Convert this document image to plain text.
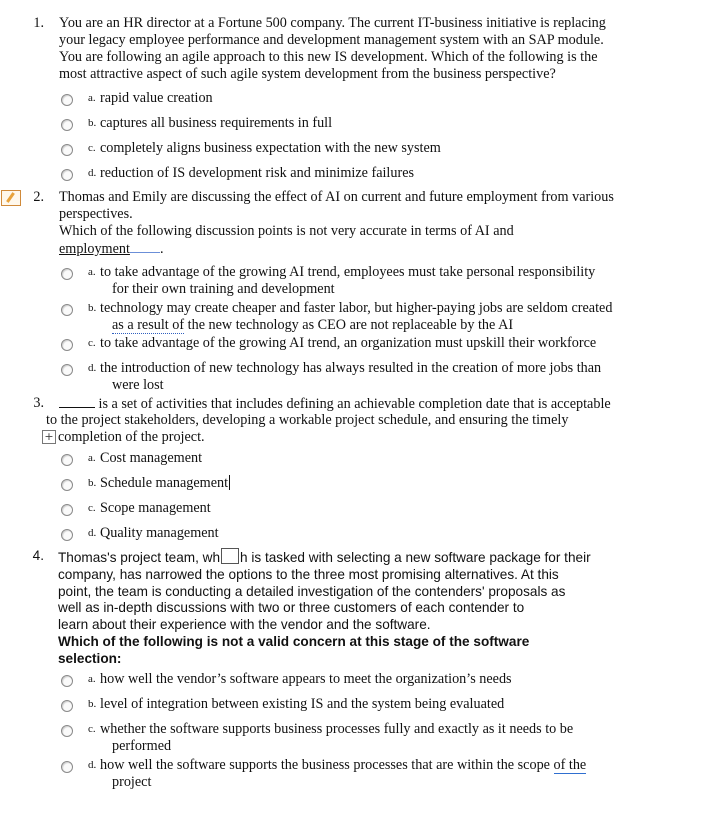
1. You are an HR director at a Fortune 500 company. The current IT-business initiative is replacing
your legacy employee performance and development management system with an SAP module.
You are following an agile approach to this new IS development. Which of the following is the
most attractive aspect of such agile system development from the business perspective?
a. rapid value creation
b. captures all business requirements in full
c. completely aligns business expectation with the new system
d. reduction of IS development risk and minimize failures
2. Thomas and Emily are discussing the effect of AI on current and future employment from various
perspectives.
Which of the following discussion points is not very accurate in terms of AI and
employment .
a. to take advantage of the growing AI trend, employees must take personal responsibility
for their own training and development
b. technology may create cheaper and faster labor, but higher-paying jobs are seldom created
as a result of the new technology as CEO are not replaceable by the AI
c. to take advantage of the growing AI trend, an organization must upskill their workforce
d. the introduction of new technology has always resulted in the creation of more jobs than
were lost
3.	is a set of activities that includes defining an achievable completion date that is acceptable
to the project stakeholders, developing a workable project schedule, and ensuring the timely
+ completion of the project.
a. Cost management
b. Schedule management
c. Scope management
d. Quality management
4. Thomas's project team, wh h is tasked with selecting a new software package for their
company, has narrowed the options to the three most promising alternatives. At this
point, the team is conducting a detailed investigation of the contenders' proposals as
well as in-depth discussions with two or three customers of each contender to
learn about their experience with the vendor and the software.
Which of the following is not a valid concern at this stage of the software
selection:
a. how well the vendor’s software appears to meet the organization’s needs
b. level of integration between existing IS and the system being evaluated
c. whether the software supports business processes fully and exactly as it needs to be
performed
d. how well the software supports the business processes that are within the scope of the
project
